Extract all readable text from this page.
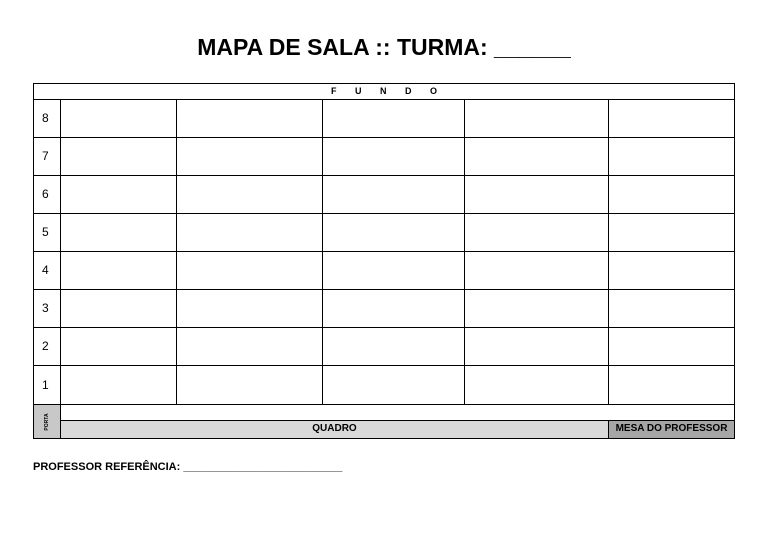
MAPA DE SALA :: TURMA: ______
F U N D O
8
7
6
5
4
3
2
1
PORTA	QUADRO	MESA DO PROFESSOR
PROFESSOR REFERÊNCIA: __________________________
